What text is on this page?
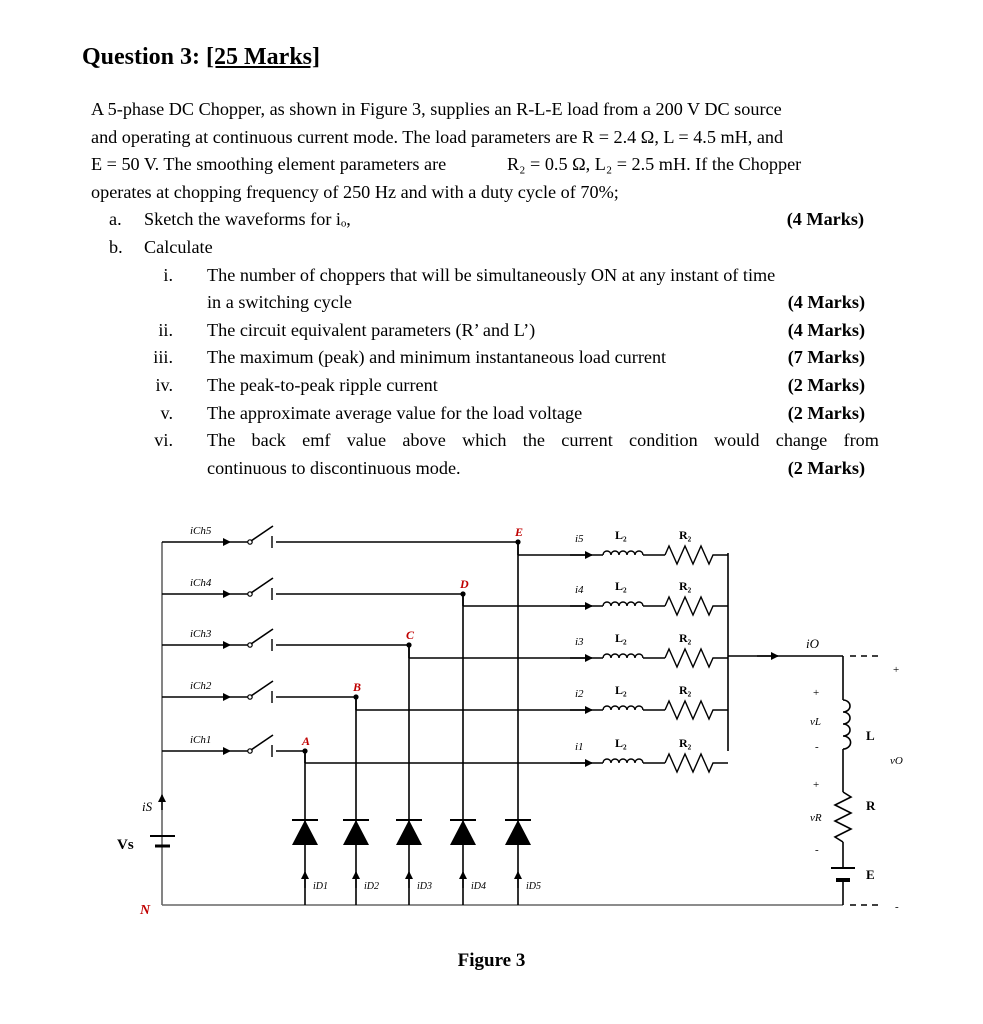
Question 3: [25 Marks]
A 5-phase DC Chopper, as shown in Figure 3, supplies an R-L-E load from a 200 V DC source
and operating at continuous current mode. The load parameters are R = 2.4 Ω, L = 4.5 mH, and
E = 50 V. The smoothing element parameters are	R₂ = 0.5 Ω, L₂ = 2.5 mH. If the Chopper
operates at chopping frequency of 250 Hz and with a duty cycle of 70%;
a. Sketch the waveforms for iₒ,	(4 Marks)
b. Calculate
i. The number of choppers that will be simultaneously ON at any instant of time
in a switching cycle	(4 Marks)
ii. The circuit equivalent parameters (R’ and L’)	(4 Marks)
iii. The maximum (peak) and minimum instantaneous load current	(7 Marks)
iv. The peak-to-peak ripple current	(2 Marks)
v. The approximate average value for the load voltage	(2 Marks)
vi. The back emf value above which the current condition would change from
continuous to discontinuous mode.	(2 Marks)
iCh1
iCh2
iCh3
iCh4
iCh5
i1	L₂	R₂
i2	L₂	R₂
i3	L₂	R₂
i4	L₂	R₂
i5	L₂	R₂
iD1
A
iD2
B
iD3
C
iD4
D
iD5
E
iS
Vs
N
iO
L
R
E
vL
vR
vO
+
-
+
-
+
-
Figure 3
